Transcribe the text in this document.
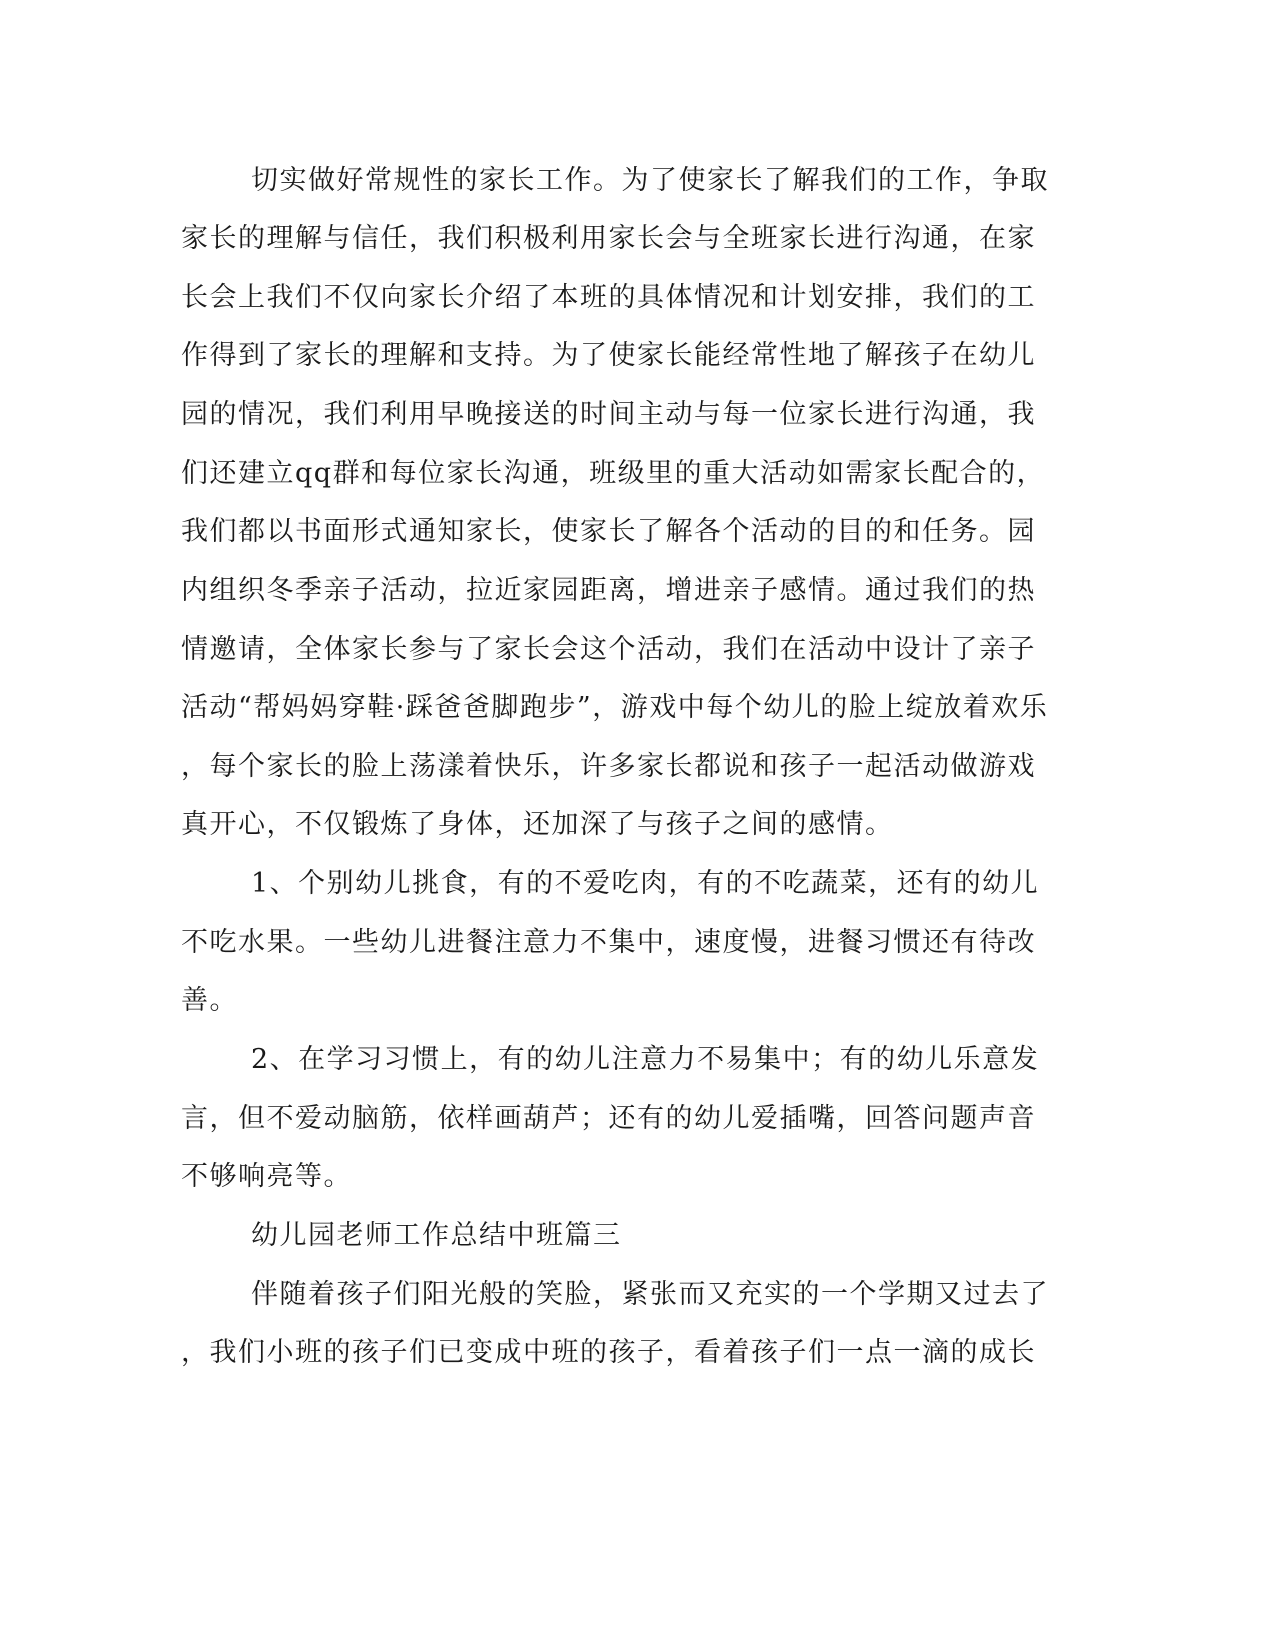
切实做好常规性的家长工作。为了使家长了解我们的工作，争取
家长的理解与信任，我们积极利用家长会与全班家长进行沟通，在家
长会上我们不仅向家长介绍了本班的具体情况和计划安排，我们的工
作得到了家长的理解和支持。为了使家长能经常性地了解孩子在幼儿
园的情况，我们利用早晚接送的时间主动与每一位家长进行沟通，我
们还建立qq群和每位家长沟通，班级里的重大活动如需家长配合的，
我们都以书面形式通知家长，使家长了解各个活动的目的和任务。园
内组织冬季亲子活动，拉近家园距离，增进亲子感情。通过我们的热
情邀请，全体家长参与了家长会这个活动，我们在活动中设计了亲子
活动“帮妈妈穿鞋·踩爸爸脚跑步”，游戏中每个幼儿的脸上绽放着欢乐
，每个家长的脸上荡漾着快乐，许多家长都说和孩子一起活动做游戏
真开心，不仅锻炼了身体，还加深了与孩子之间的感情。
1、个别幼儿挑食，有的不爱吃肉，有的不吃蔬菜，还有的幼儿
不吃水果。一些幼儿进餐注意力不集中，速度慢，进餐习惯还有待改
善。
2、在学习习惯上，有的幼儿注意力不易集中；有的幼儿乐意发
言，但不爱动脑筋，依样画葫芦；还有的幼儿爱插嘴，回答问题声音
不够响亮等。
幼儿园老师工作总结中班篇三
伴随着孩子们阳光般的笑脸，紧张而又充实的一个学期又过去了
，我们小班的孩子们已变成中班的孩子，看着孩子们一点一滴的成长
